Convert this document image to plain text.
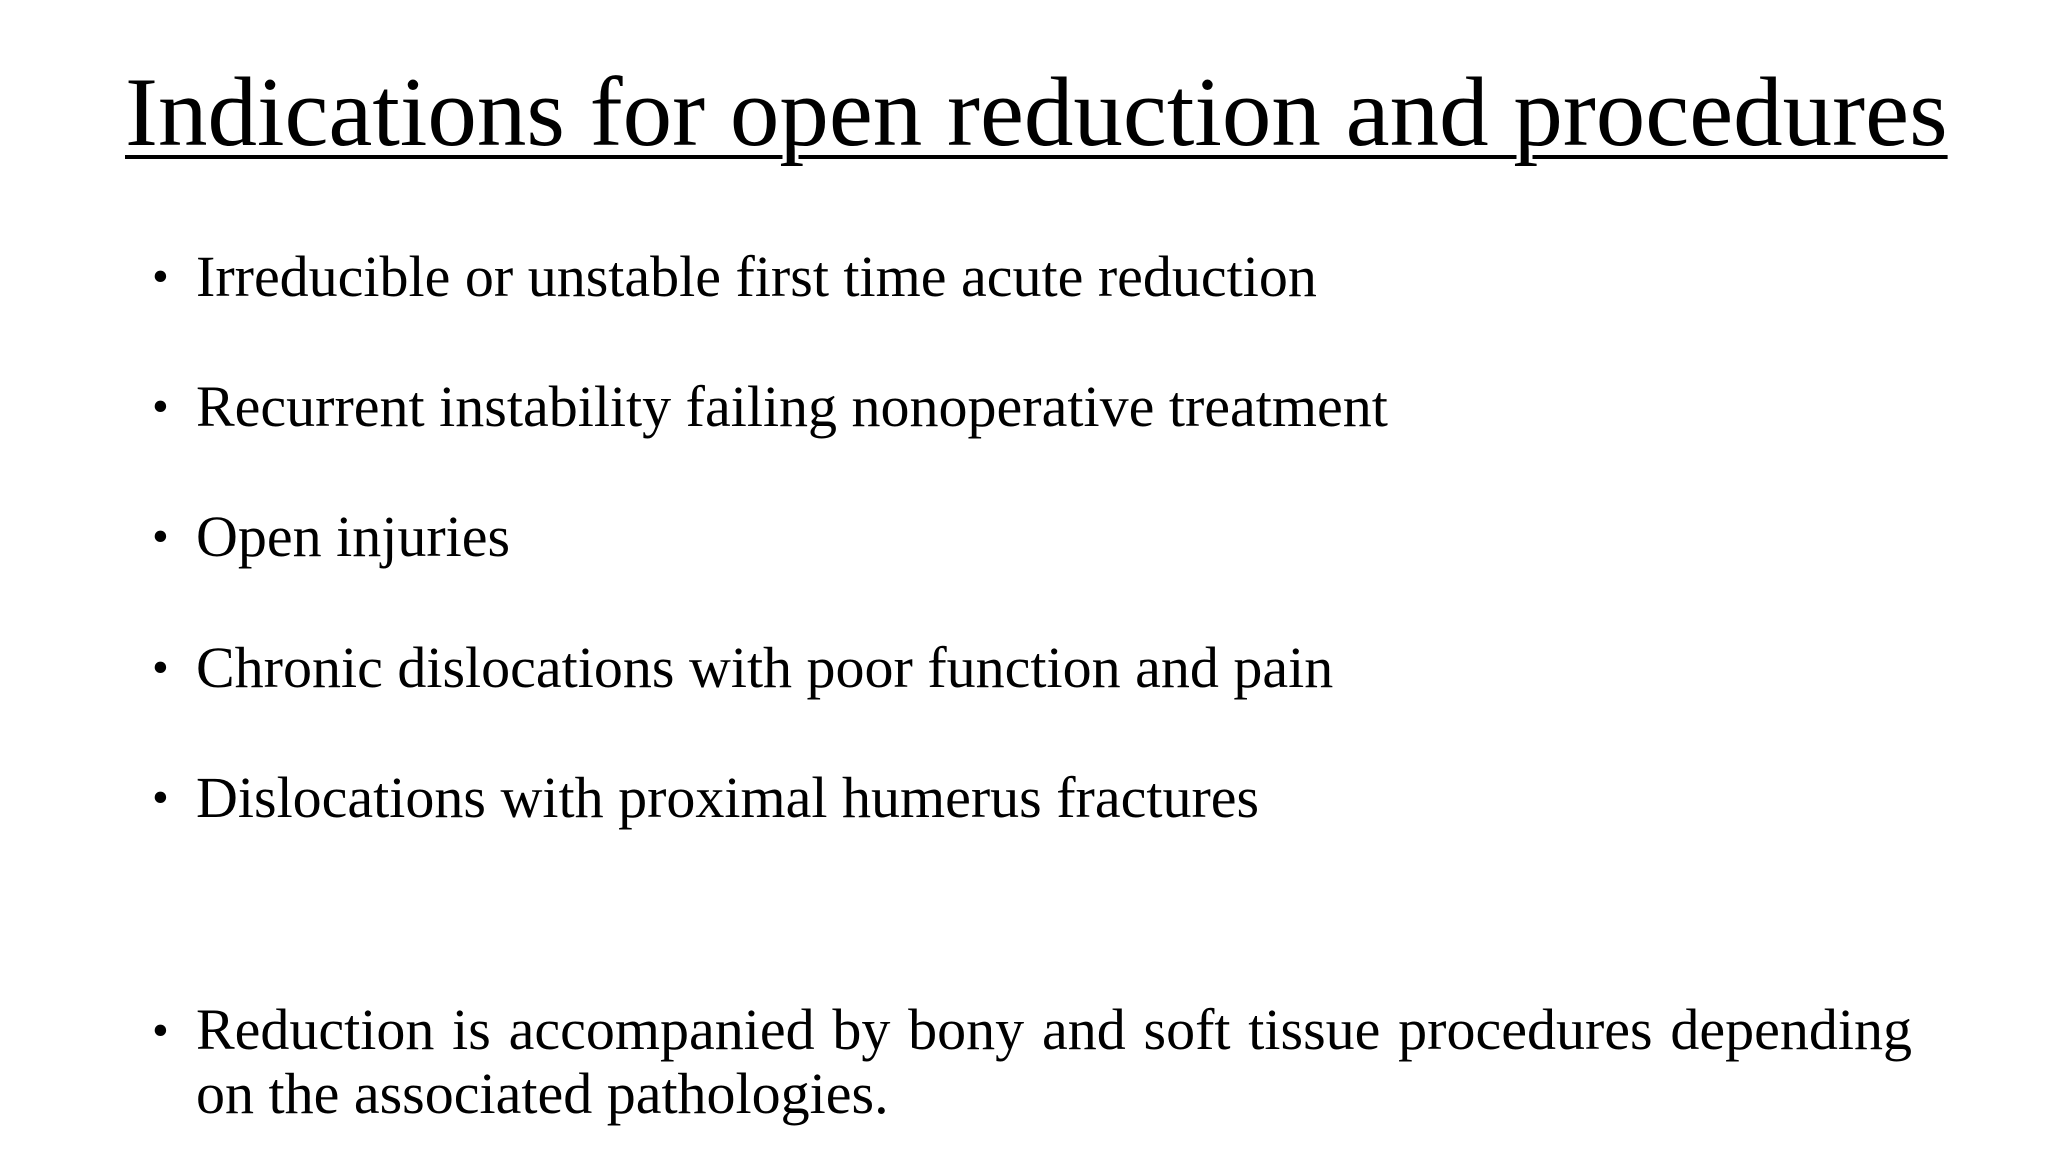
Indications for open reduction and procedures
• Irreducible or unstable first time acute reduction
• Recurrent instability failing nonoperative treatment
• Open injuries
• Chronic dislocations with poor function and pain
• Dislocations with proximal humerus fractures
• Reduction is accompanied by bony and soft tissue procedures depending on the associated pathologies.
